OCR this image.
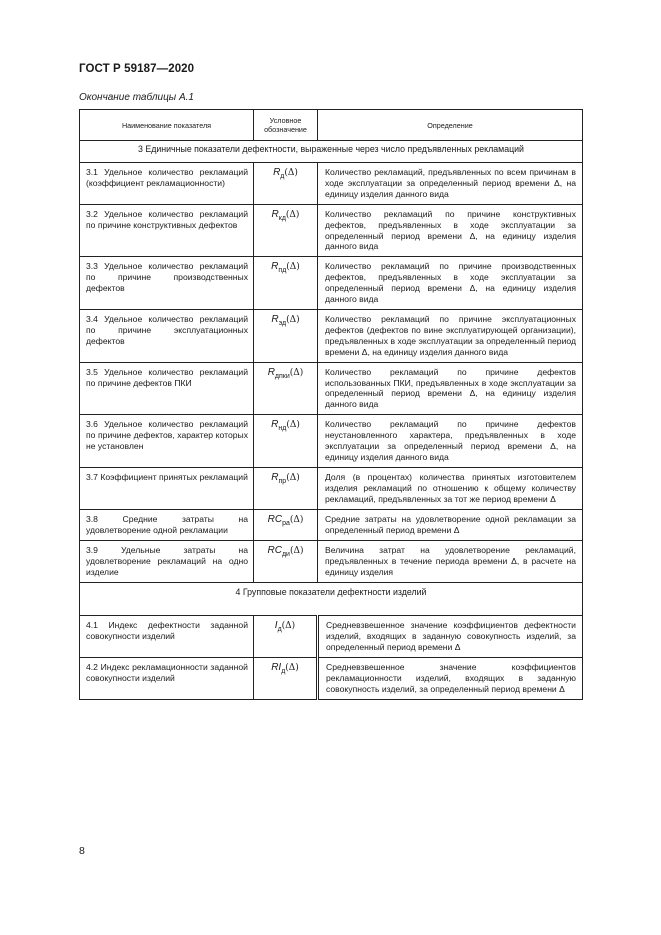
ГОСТ Р 59187—2020
Окончание таблицы А.1
Наименование показателя	Условное обозначение	Определение
3 Единичные показатели дефектности, выраженные через число предъявленных рекламаций		
3.1 Удельное количество рекламаций (коэффициент рекламационности)	$R_д(\Delta)$	Количество рекламаций, предъявленных по всем причинам в ходе эксплуатации за определенный период времени Δ, на единицу изделия данного вида
3.2 Удельное количество рекламаций по причине конструктивных дефектов	$R_{кд}(\Delta)$	Количество рекламаций по причине конструктивных дефектов, предъявленных в ходе эксплуатации за определенный период времени Δ, на единицу изделия данного вида
3.3 Удельное количество рекламаций по причине производственных дефектов	$R_{пд}(\Delta)$	Количество рекламаций по причине производственных дефектов, предъявленных в ходе эксплуатации за определенный период времени Δ, на единицу изделия данного вида
3.4 Удельное количество рекламаций по причине эксплуатационных дефектов	$R_{эд}(\Delta)$	Количество рекламаций по причине эксплуатационных дефектов (дефектов по вине эксплуатирующей организации), предъявленных в ходе эксплуатации за определенный период времени Δ, на единицу изделия данного вида
3.5 Удельное количество рекламаций по причине дефектов ПКИ	$R_{дпки}(\Delta)$	Количество рекламаций по причине дефектов использованных ПКИ, предъявленных в ходе эксплуатации за определенный период времени Δ, на единицу изделия данного вида
3.6 Удельное количество рекламаций по причине дефектов, характер которых не установлен	$R_{нд}(\Delta)$	Количество рекламаций по причине дефектов неустановленного характера, предъявленных в ходе эксплуатации за определенный период времени Δ, на единицу изделия данного вида
3.7 Коэффициент принятых рекламаций	$R_{пр}(\Delta)$	Доля (в процентах) количества принятых изготовителем изделия рекламаций по отношению к общему количеству рекламаций, предъявленных за тот же период времени Δ
3.8 Средние затраты на удовлетворение одной рекламации	$RC_{ра}(\Delta)$	Средние затраты на удовлетворение одной рекламации за определенный период времени Δ
3.9 Удельные затраты на удовлетворение рекламаций на одно изделие	$RC_{ди}(\Delta)$	Величина затрат на удовлетворение рекламаций, предъявленных в течение периода времени Δ, в расчете на единицу изделия
4 Групповые показатели дефектности изделий		
4.1 Индекс дефектности заданной совокупности изделий	$I_д(\Delta)$	Средневзвешенное значение коэффициентов дефектности изделий, входящих в заданную совокупность изделий, за определенный период времени Δ
4.2 Индекс рекламационности заданной совокупности изделий	$RI_д(\Delta)$	Средневзвешенное значение коэффициентов рекламационности изделий, входящих в заданную совокупность изделий, за определенный период времени Δ
8
